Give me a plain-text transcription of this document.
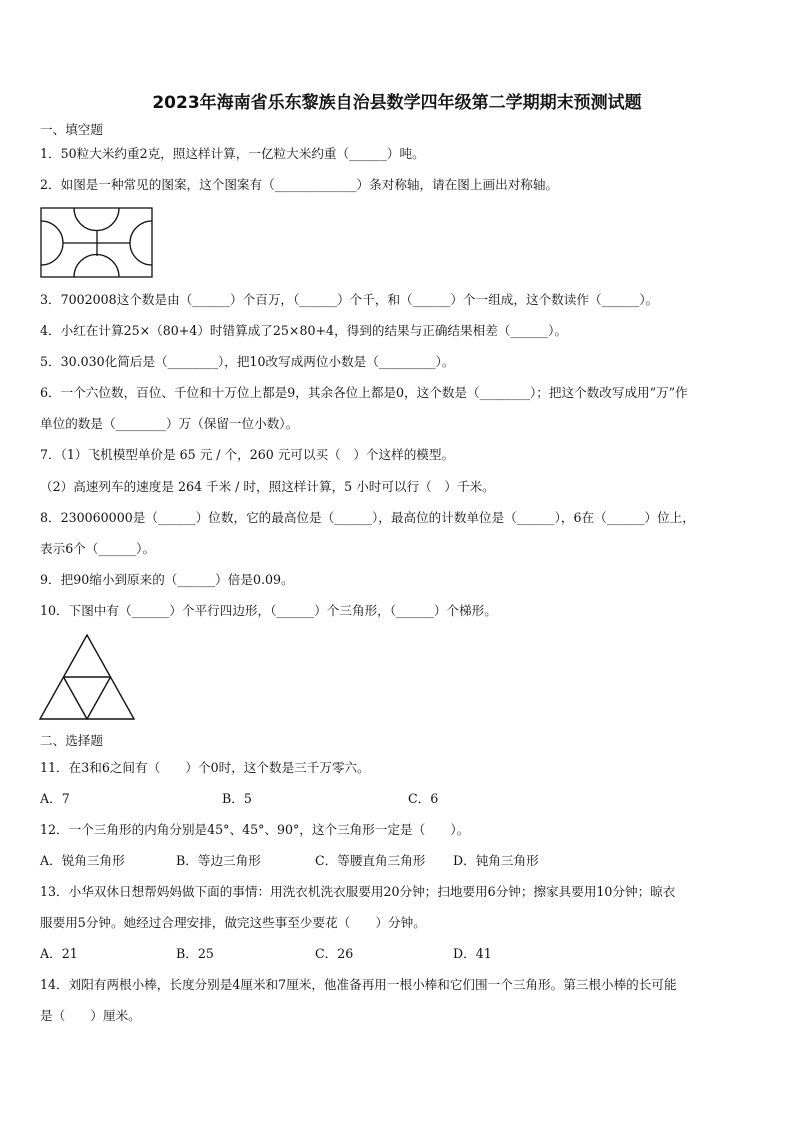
2023年海南省乐东黎族自治县数学四年级第二学期期末预测试题
一、填空题
1．50粒大米约重2克，照这样计算，一亿粒大米约重（______）吨。
2．如图是一种常见的图案，这个图案有（_____________）条对称轴，请在图上画出对称轴。
3．7002008这个数是由（______）个百万，（______）个千，和（______）个一组成，这个数读作（______）。
4．小红在计算25×（80+4）时错算成了25×80+4，得到的结果与正确结果相差（______）。
5．30.030化简后是（________），把10改写成两位小数是（_________）。
6．一个六位数，百位、千位和十万位上都是9，其余各位上都是0，这个数是（________）；把这个数改写成用“万”作
单位的数是（________）万（保留一位小数）。
7．（1）飞机模型单价是 65 元 / 个，260 元可以买（　）个这样的模型。
（2）高速列车的速度是 264 千米 / 时，照这样计算，5 小时可以行（　）千米。
8．230060000是（______）位数，它的最高位是（______），最高位的计数单位是（______），6在（______）位上，
表示6个（______）。
9．把90缩小到原来的（______）倍是0.09。
10．下图中有（______）个平行四边形，（______）个三角形，（______）个梯形。
二、选择题
11．在3和6之间有（　　）个0时，这个数是三千万零六。
A．7	B．5	C．6
12．一个三角形的内角分别是45°、45°、90°，这个三角形一定是（　　）。
A．锐角三角形	B．等边三角形	C．等腰直角三角形 D．钝角三角形
13．小华双休日想帮妈妈做下面的事情：用洗衣机洗衣服要用20分钟；扫地要用6分钟；擦家具要用10分钟；晾衣
服要用5分钟。她经过合理安排，做完这些事至少要花（　　）分钟。
A．21	B．25	C．26	D．41
14．刘阳有两根小棒，长度分别是4厘米和7厘米，他准备再用一根小棒和它们围一个三角形。第三根小棒的长可能
是（　　）厘米。
